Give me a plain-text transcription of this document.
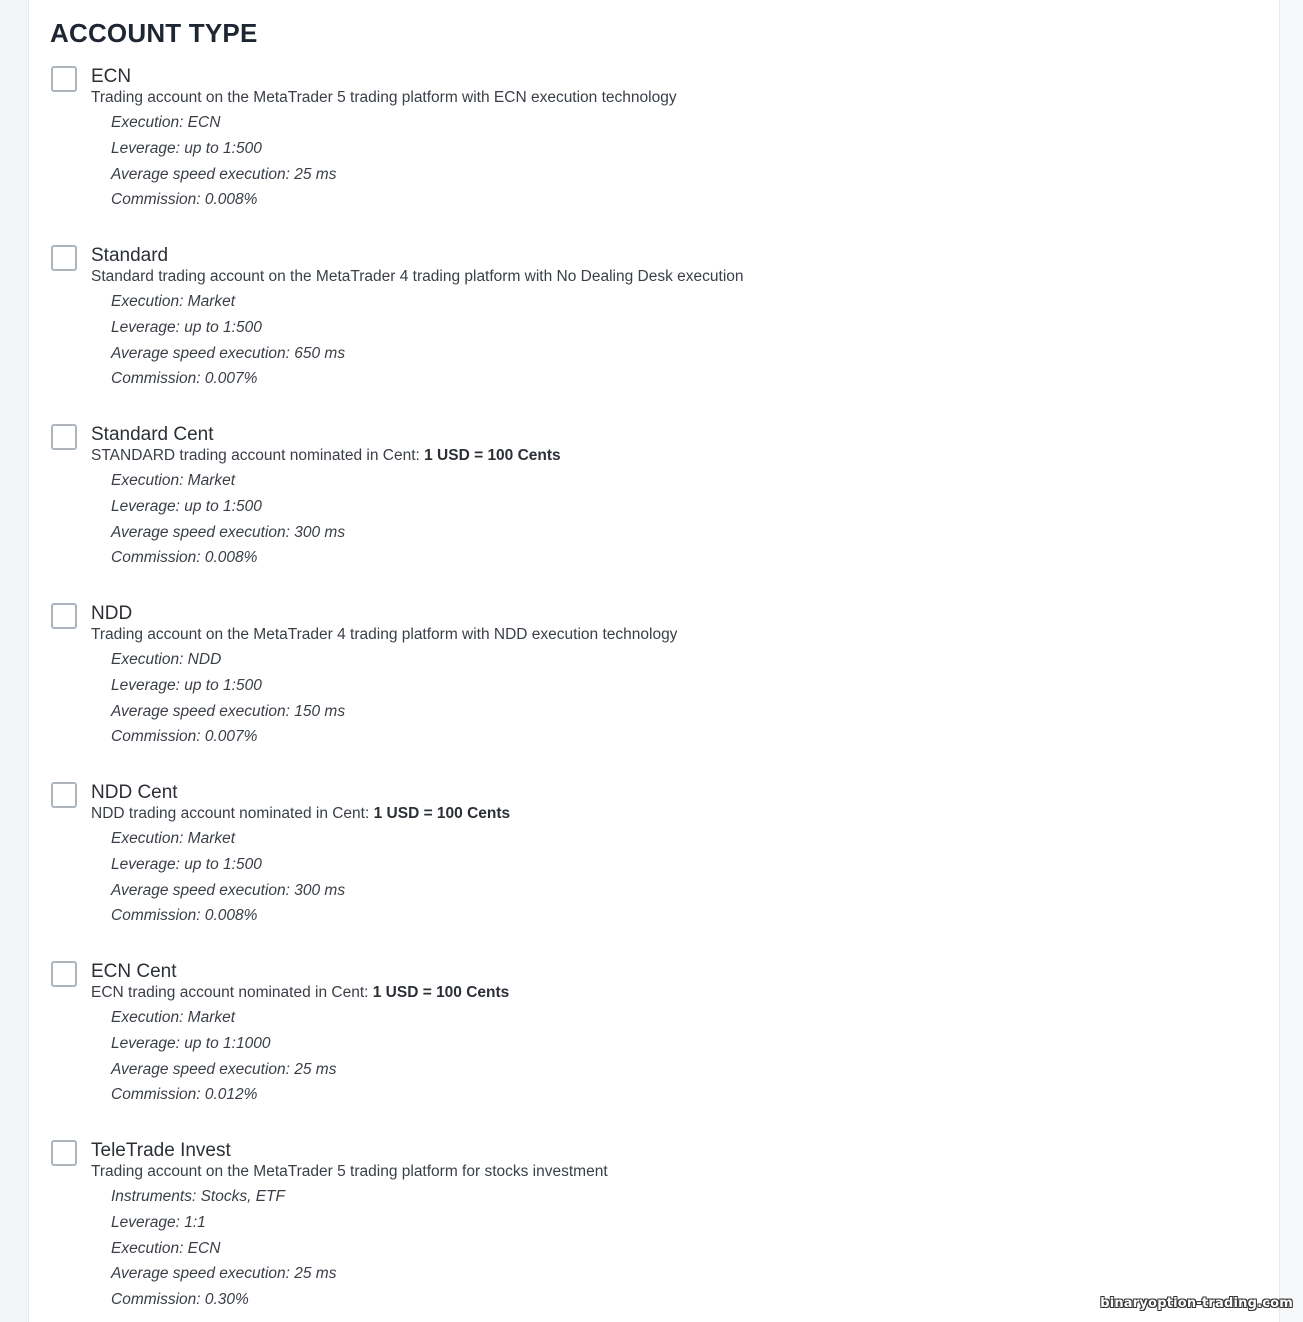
ACCOUNT TYPE
ECN
Trading account on the MetaTrader 5 trading platform with ECN execution technology
Execution: ECN
Leverage: up to 1:500
Average speed execution: 25 ms
Commission: 0.008%
Standard
Standard trading account on the MetaTrader 4 trading platform with No Dealing Desk execution
Execution: Market
Leverage: up to 1:500
Average speed execution: 650 ms
Commission: 0.007%
Standard Cent
STANDARD trading account nominated in Cent: 1 USD = 100 Cents
Execution: Market
Leverage: up to 1:500
Average speed execution: 300 ms
Commission: 0.008%
NDD
Trading account on the MetaTrader 4 trading platform with NDD execution technology
Execution: NDD
Leverage: up to 1:500
Average speed execution: 150 ms
Commission: 0.007%
NDD Cent
NDD trading account nominated in Cent: 1 USD = 100 Cents
Execution: Market
Leverage: up to 1:500
Average speed execution: 300 ms
Commission: 0.008%
ECN Cent
ECN trading account nominated in Cent: 1 USD = 100 Cents
Execution: Market
Leverage: up to 1:1000
Average speed execution: 25 ms
Commission: 0.012%
TeleTrade Invest
Trading account on the MetaTrader 5 trading platform for stocks investment
Instruments: Stocks, ETF
Leverage: 1:1
Execution: ECN
Average speed execution: 25 ms
Commission: 0.30%	binaryoption-trading.com
